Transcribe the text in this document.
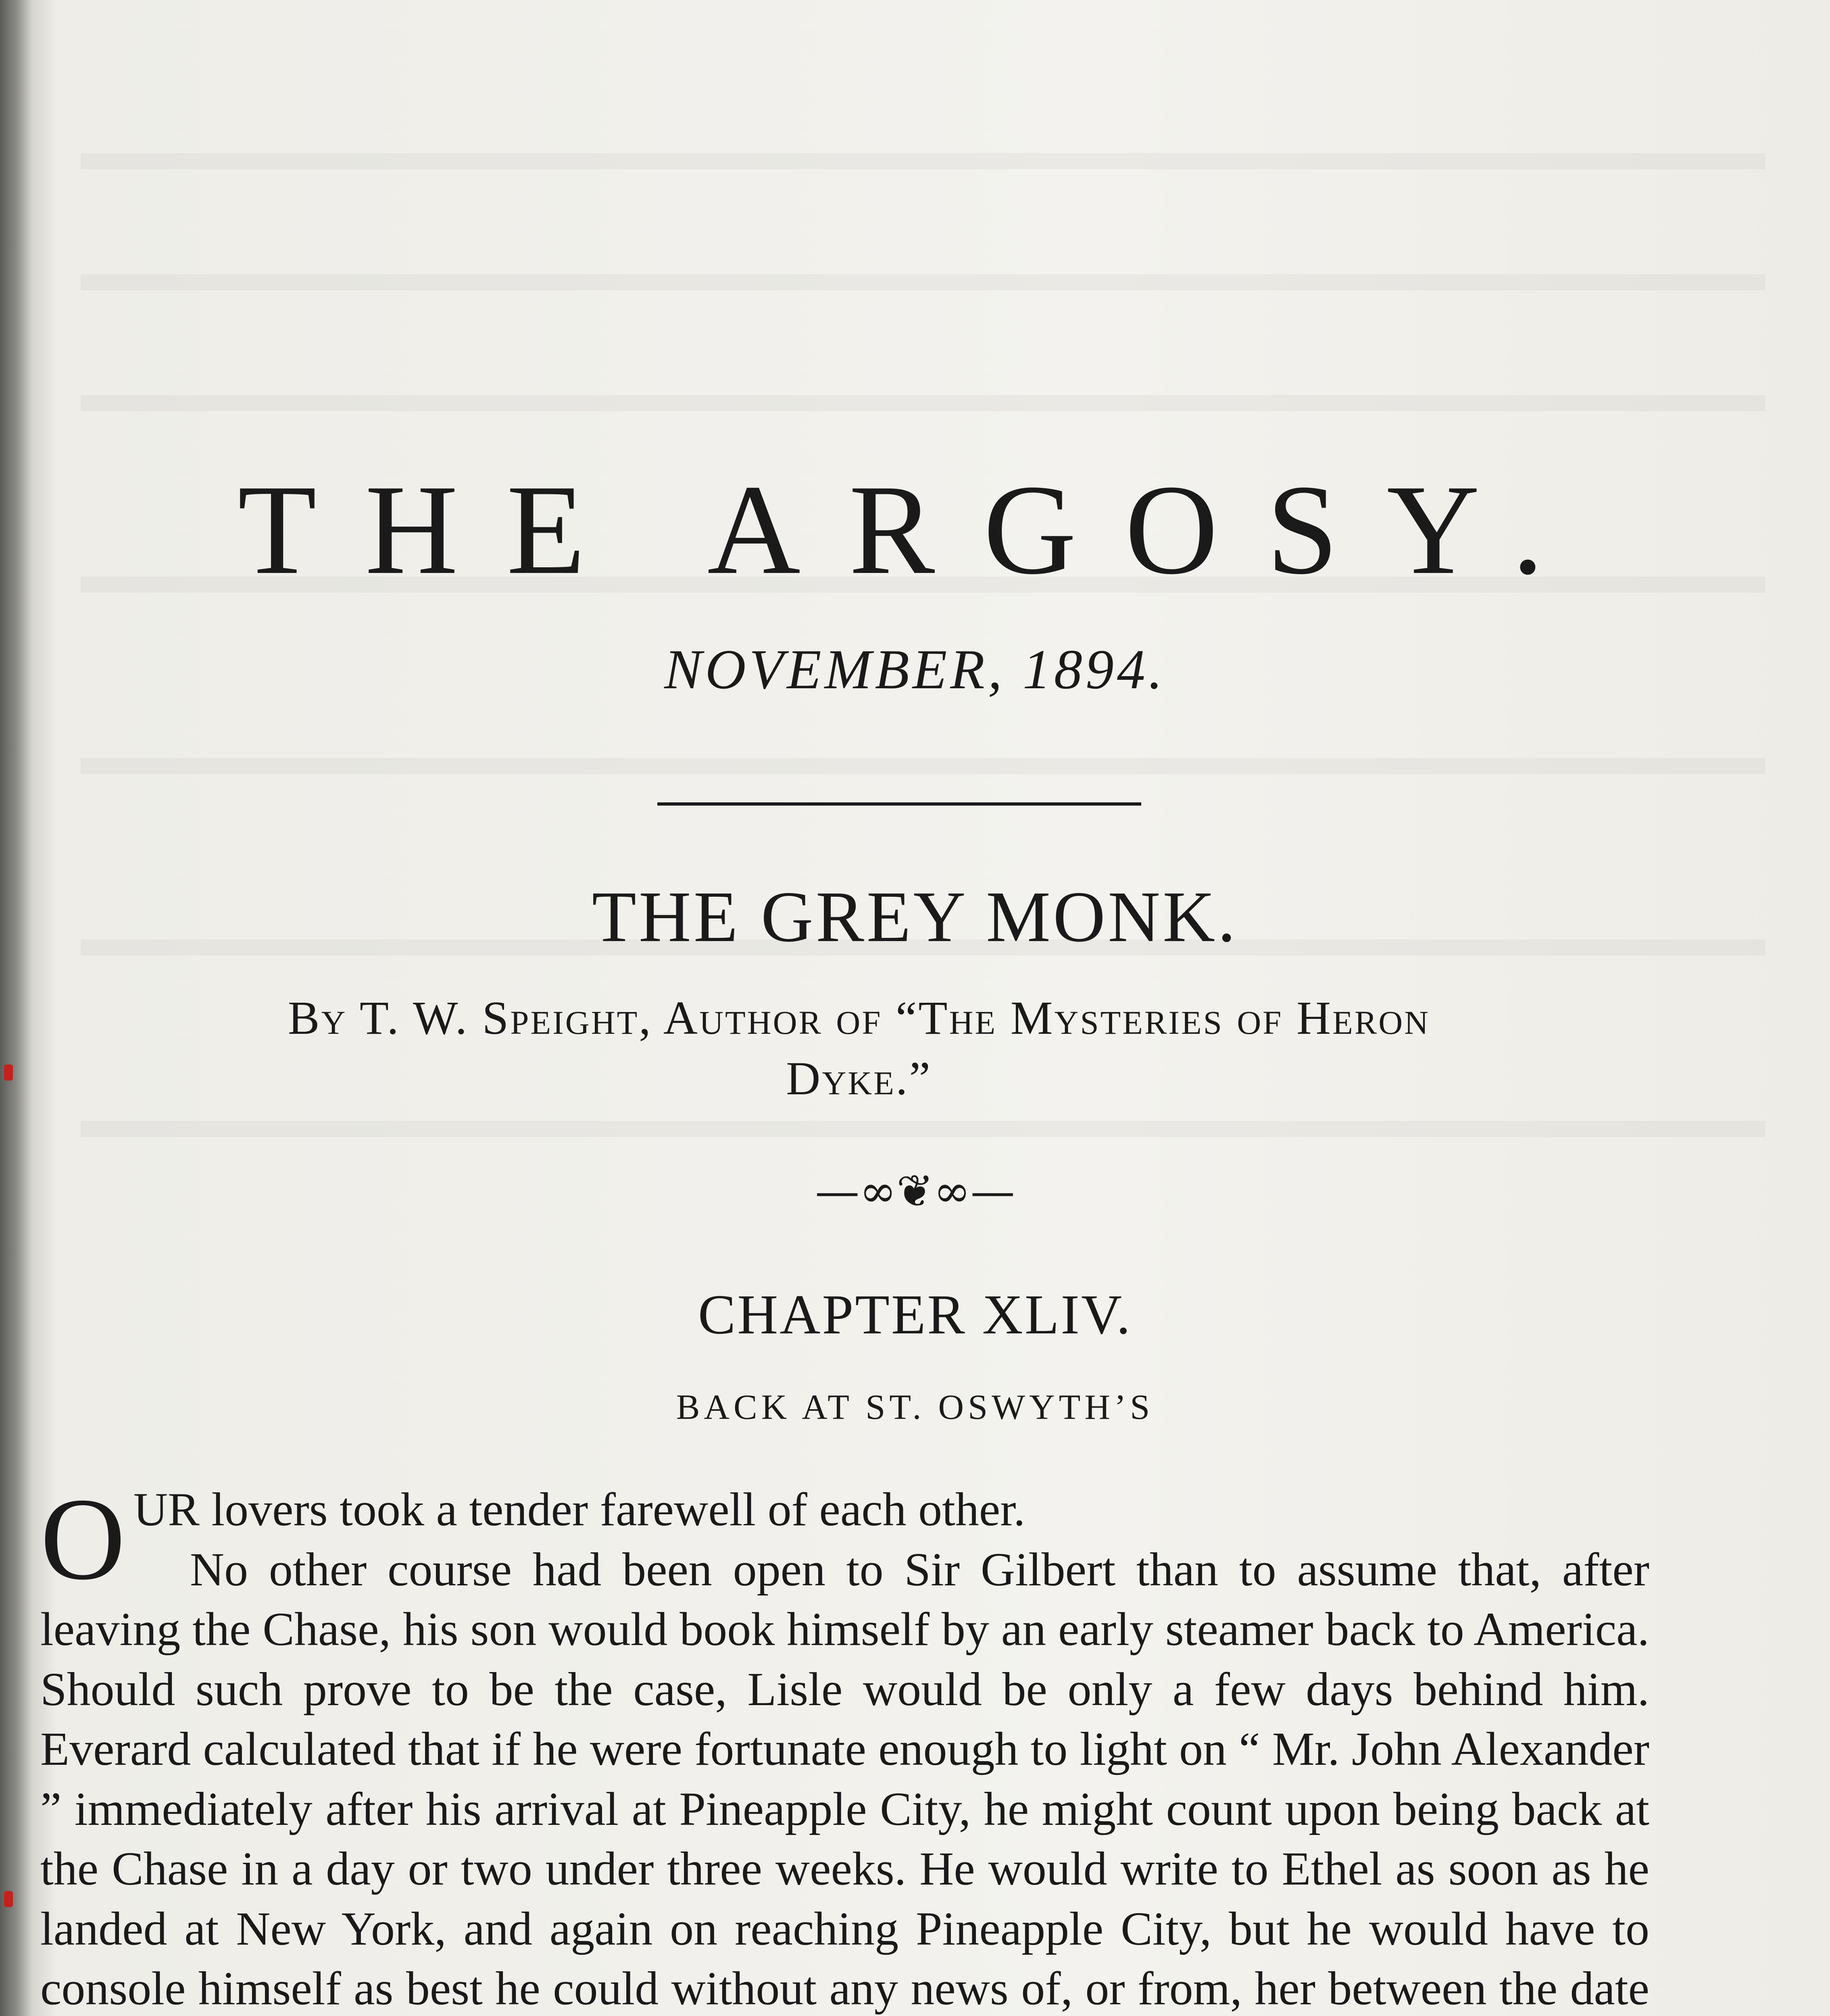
THE ARGOSY.
NOVEMBER, 1894.
THE GREY MONK.
By T. W. Speight, Author of “The Mysteries of Heron
Dyke.”
—∞❦∞—
CHAPTER XLIV.
BACK AT ST. OSWYTH’S

OUR lovers took a tender farewell of each other.

No other course had been open to Sir Gilbert than to assume that, after leaving the Chase, his son would book himself by an early steamer back to America. Should such prove to be the case, Lisle would be only a few days behind him. Everard calculated that if he were fortunate enough to light on “ Mr. John Alexander ” immediately after his arrival at Pineapple City, he might count upon being back at the Chase in a day or two under three weeks. He would write to Ethel as soon as he landed at New York, and again on reaching Pineapple City, but he would have to console himself as best he could without any news of, or from, her between the date
